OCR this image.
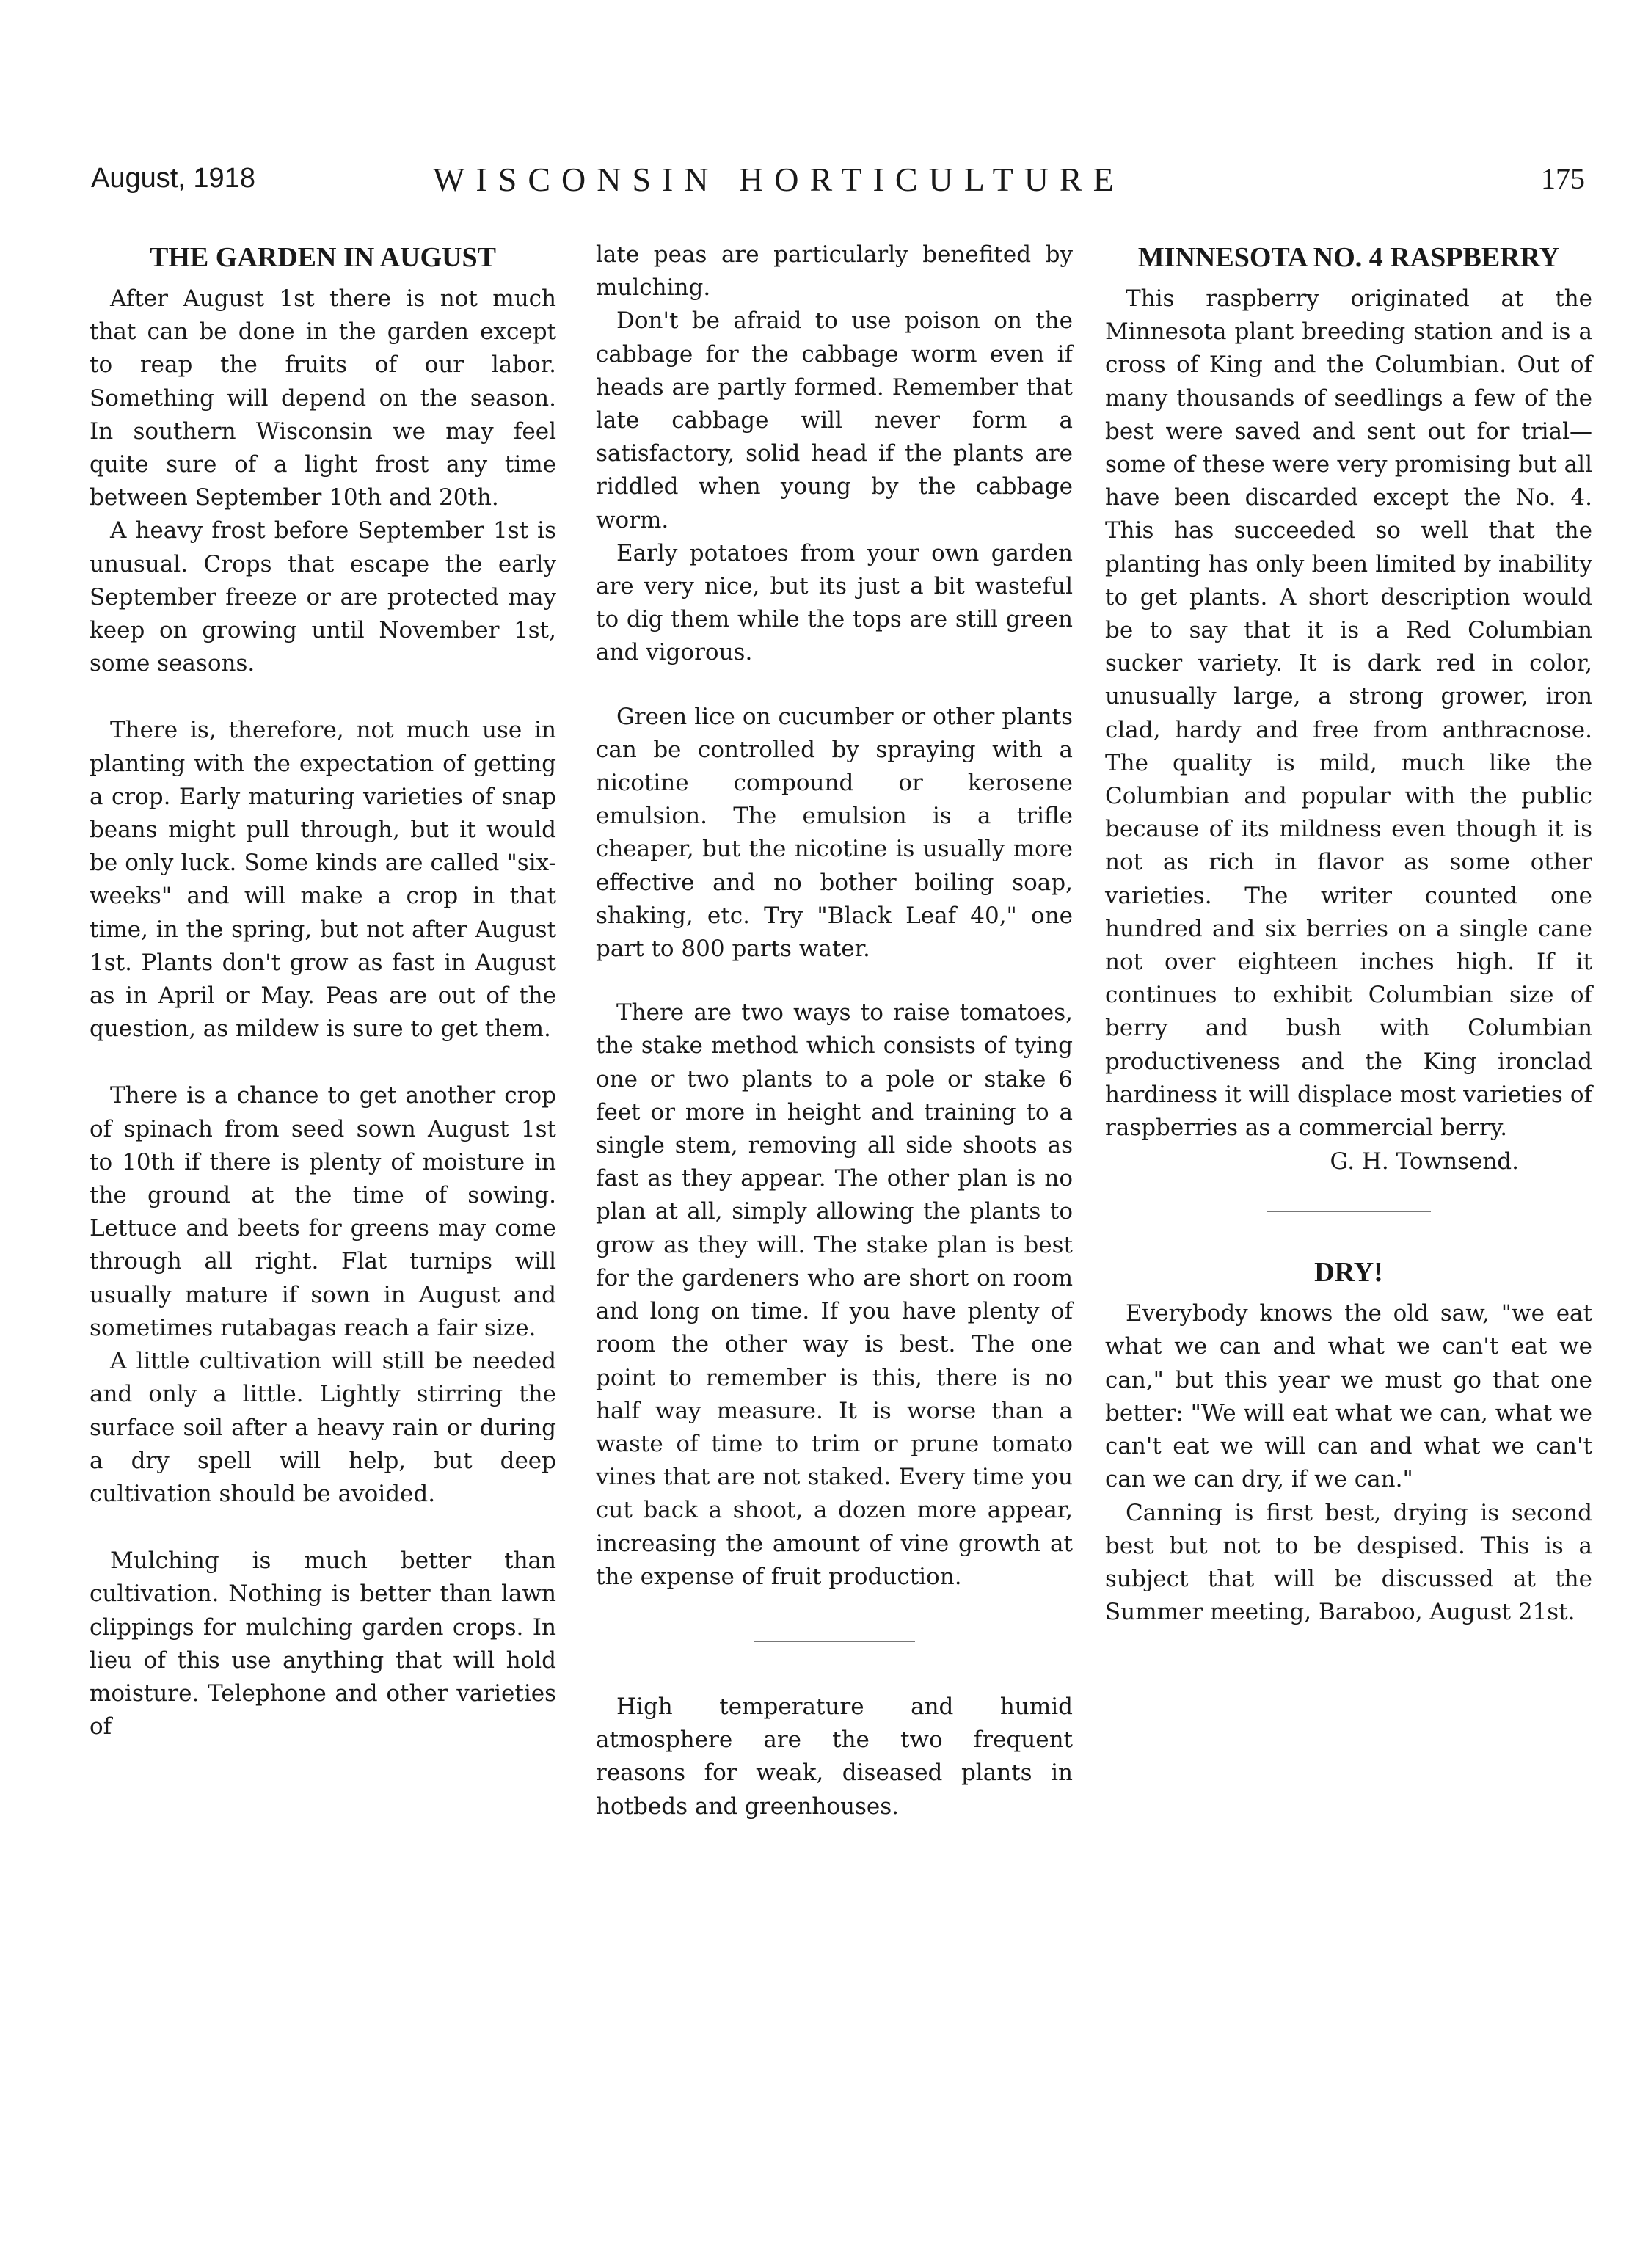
August, 1918	WISCONSIN HORTICULTURE	175
THE GARDEN IN AUGUST

After August 1st there is not much that can be done in the garden except to reap the fruits of our labor. Something will depend on the season. In southern Wisconsin we may feel quite sure of a light frost any time between September 10th and 20th.

A heavy frost before September 1st is unusual. Crops that escape the early September freeze or are protected may keep on growing until November 1st, some seasons.

There is, therefore, not much use in planting with the expectation of getting a crop. Early maturing varieties of snap beans might pull through, but it would be only luck. Some kinds are called "six-weeks" and will make a crop in that time, in the spring, but not after August 1st. Plants don't grow as fast in August as in April or May. Peas are out of the question, as mildew is sure to get them.

There is a chance to get another crop of spinach from seed sown August 1st to 10th if there is plenty of moisture in the ground at the time of sowing. Lettuce and beets for greens may come through all right. Flat turnips will usually mature if sown in August and sometimes rutabagas reach a fair size.

A little cultivation will still be needed and only a little. Lightly stirring the surface soil after a heavy rain or during a dry spell will help, but deep cultivation should be avoided.

Mulching is much better than cultivation. Nothing is better than lawn clippings for mulching garden crops. In lieu of this use anything that will hold moisture. Telephone and other varieties of

late peas are particularly benefited by mulching.

Don't be afraid to use poison on the cabbage for the cabbage worm even if heads are partly formed. Remember that late cabbage will never form a satisfactory, solid head if the plants are riddled when young by the cabbage worm.

Early potatoes from your own garden are very nice, but its just a bit wasteful to dig them while the tops are still green and vigorous.

Green lice on cucumber or other plants can be controlled by spraying with a nicotine compound or kerosene emulsion. The emulsion is a trifle cheaper, but the nicotine is usually more effective and no bother boiling soap, shaking, etc. Try "Black Leaf 40," one part to 800 parts water.

There are two ways to raise tomatoes, the stake method which consists of tying one or two plants to a pole or stake 6 feet or more in height and training to a single stem, removing all side shoots as fast as they appear. The other plan is no plan at all, simply allowing the plants to grow as they will. The stake plan is best for the gardeners who are short on room and long on time. If you have plenty of room the other way is best. The one point to remember is this, there is no half way measure. It is worse than a waste of time to trim or prune tomato vines that are not staked. Every time you cut back a shoot, a dozen more appear, increasing the amount of vine growth at the expense of fruit production.

High temperature and humid atmosphere are the two frequent reasons for weak, diseased plants in hotbeds and greenhouses.

MINNESOTA NO. 4 RASPBERRY

This raspberry originated at the Minnesota plant breeding station and is a cross of King and the Columbian. Out of many thousands of seedlings a few of the best were saved and sent out for trial—some of these were very promising but all have been discarded except the No. 4. This has succeeded so well that the planting has only been limited by inability to get plants. A short description would be to say that it is a Red Columbian sucker variety. It is dark red in color, unusually large, a strong grower, iron clad, hardy and free from anthracnose. The quality is mild, much like the Columbian and popular with the public because of its mildness even though it is not as rich in flavor as some other varieties. The writer counted one hundred and six berries on a single cane not over eighteen inches high. If it continues to exhibit Columbian size of berry and bush with Columbian productiveness and the King ironclad hardiness it will displace most varieties of raspberries as a commercial berry.

G. H. Townsend.
DRY!

Everybody knows the old saw, "we eat what we can and what we can't eat we can," but this year we must go that one better: "We will eat what we can, what we can't eat we will can and what we can't can we can dry, if we can."

Canning is first best, drying is second best but not to be despised. This is a subject that will be discussed at the Summer meeting, Baraboo, August 21st.
